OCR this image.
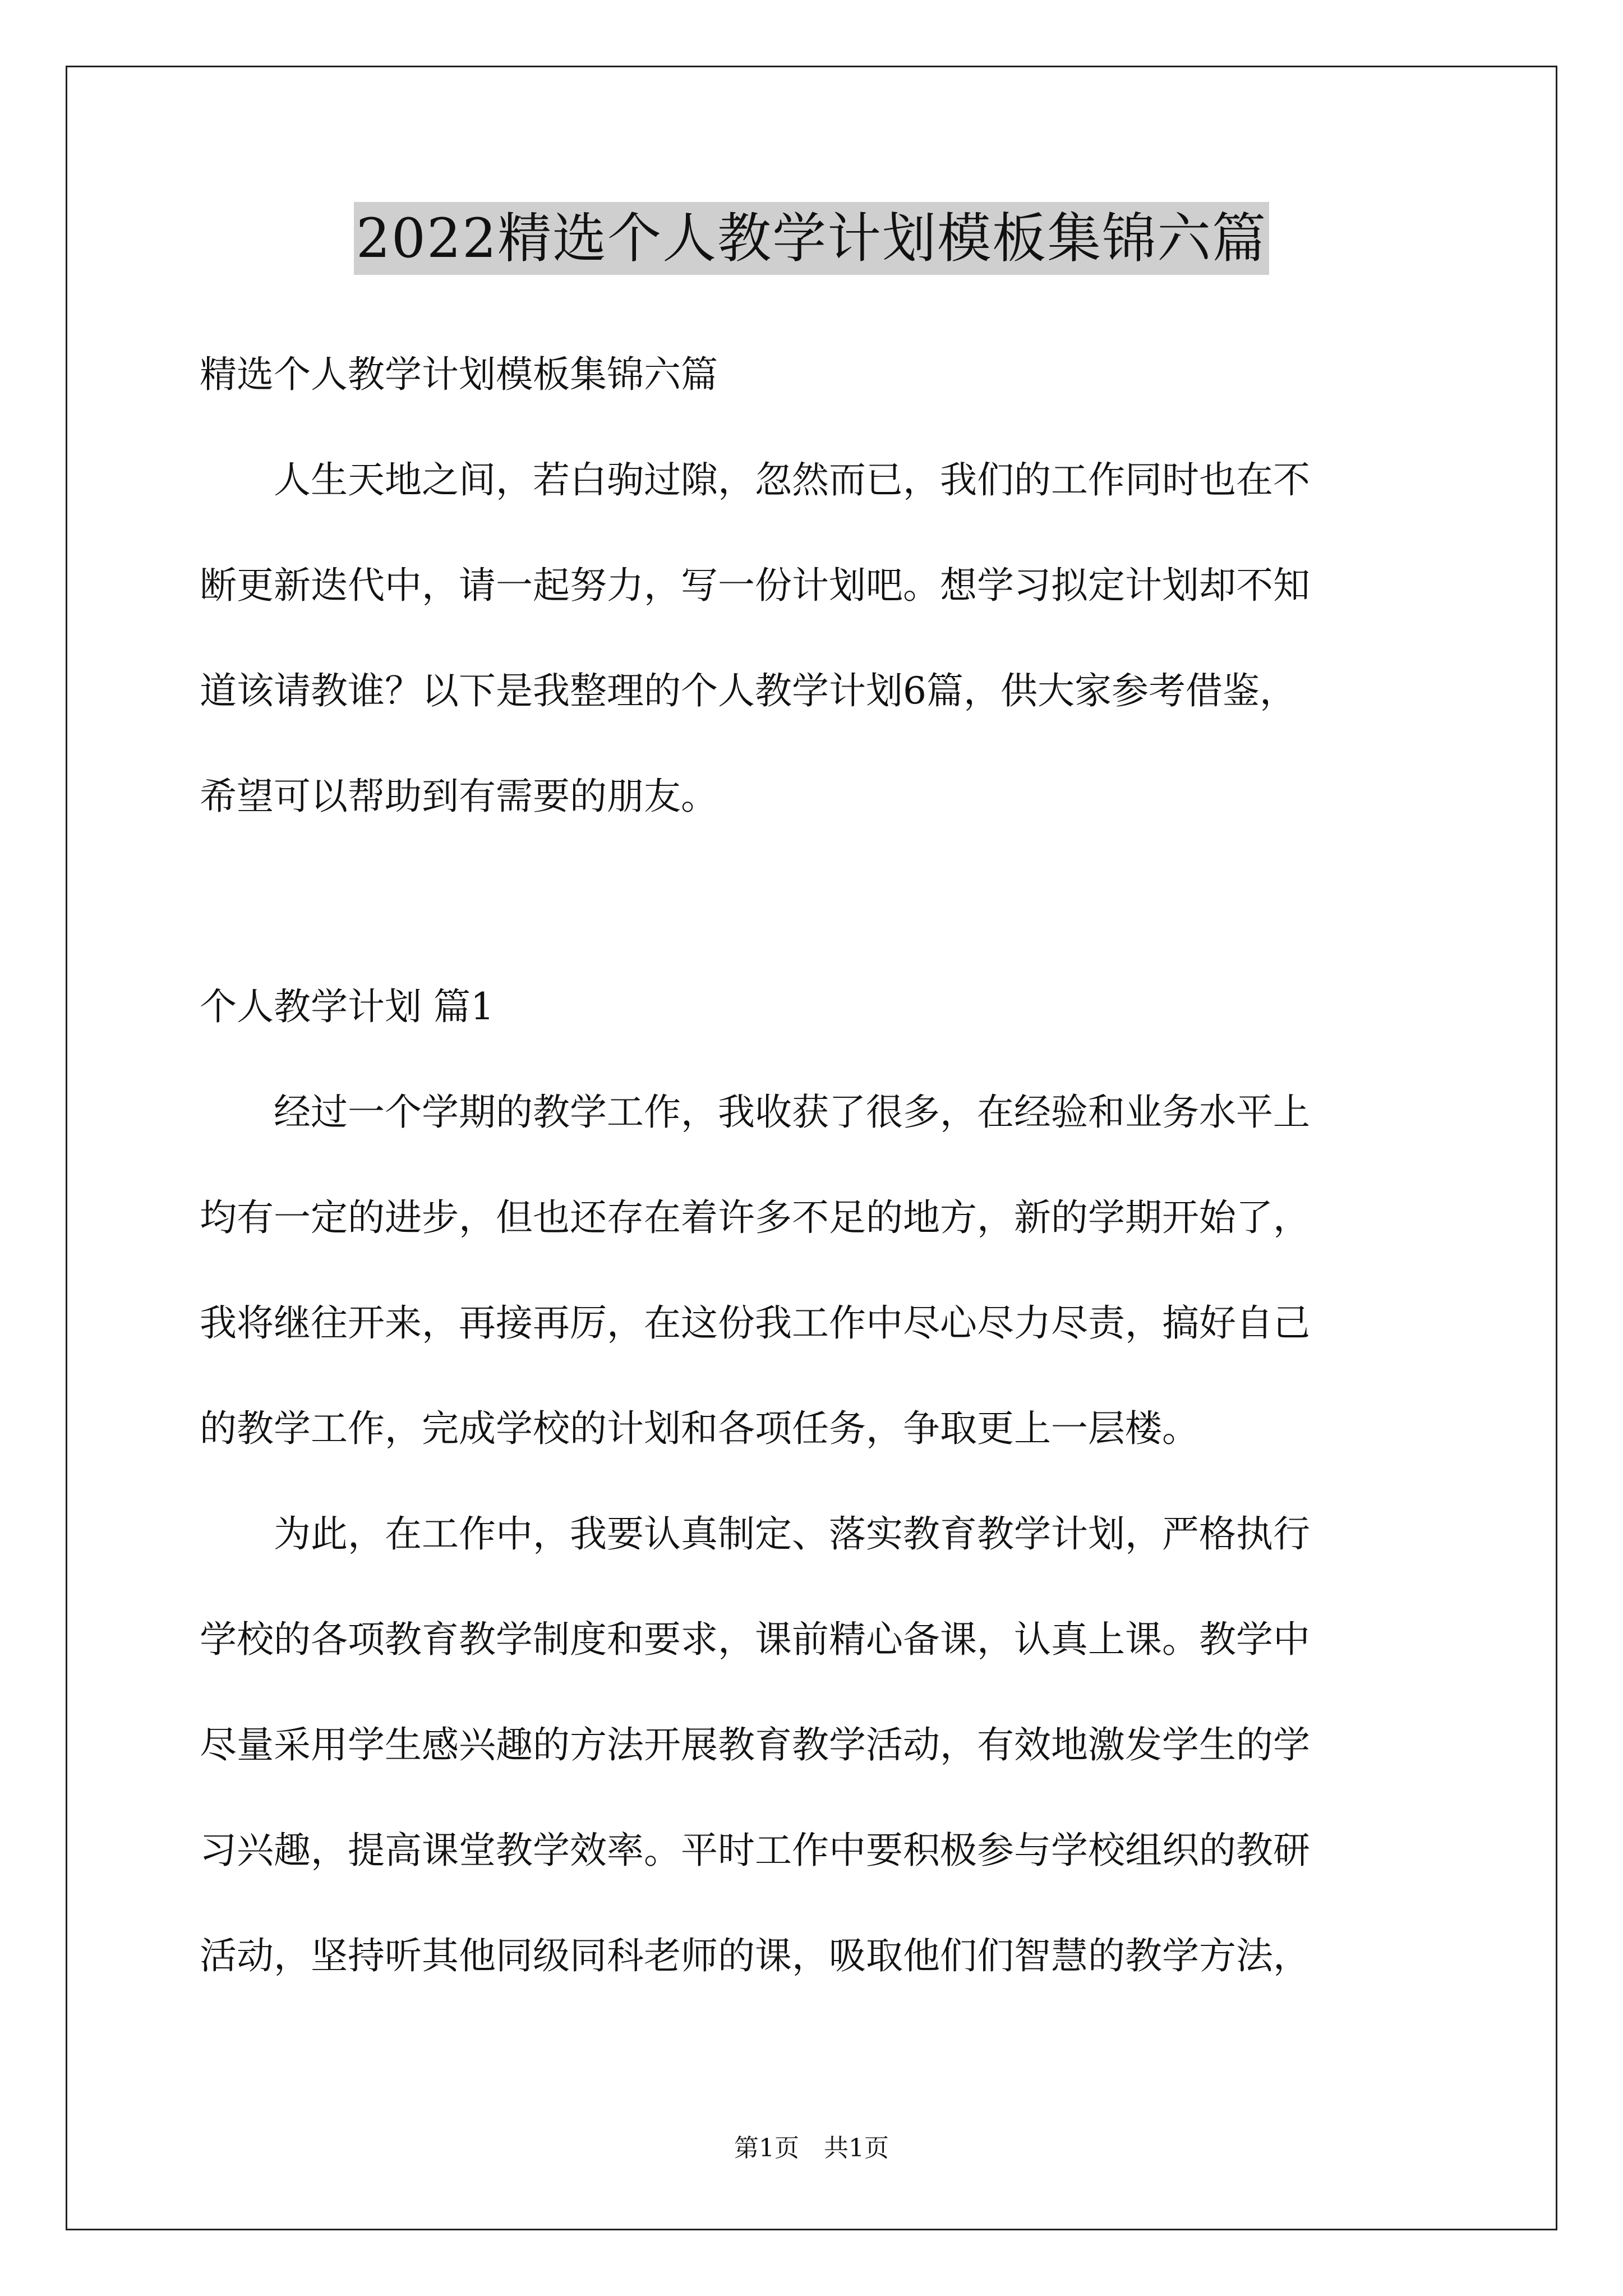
2022精选个人教学计划模板集锦六篇
精选个人教学计划模板集锦六篇
　　人生天地之间，若白驹过隙，忽然而已，我们的工作同时也在不
断更新迭代中，请一起努力，写一份计划吧。想学习拟定计划却不知
道该请教谁？以下是我整理的个人教学计划6篇，供大家参考借鉴，
希望可以帮助到有需要的朋友。
个人教学计划 篇1
　　经过一个学期的教学工作，我收获了很多，在经验和业务水平上
均有一定的进步，但也还存在着许多不足的地方，新的学期开始了，
我将继往开来，再接再厉，在这份我工作中尽心尽力尽责，搞好自己
的教学工作，完成学校的计划和各项任务，争取更上一层楼。
　　为此，在工作中，我要认真制定、落实教育教学计划，严格执行
学校的各项教育教学制度和要求，课前精心备课，认真上课。教学中
尽量采用学生感兴趣的方法开展教育教学活动，有效地激发学生的学
习兴趣，提高课堂教学效率。平时工作中要积极参与学校组织的教研
活动，坚持听其他同级同科老师的课，吸取他们们智慧的教学方法，
第1页　共1页
